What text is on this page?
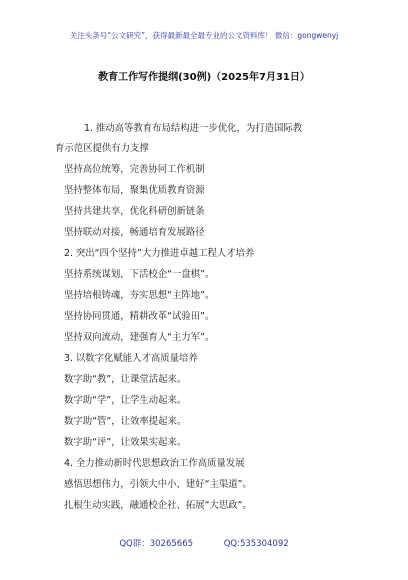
关注头条号“公文研究”，获得最新最全最专业的公文资料库！ 微信：gongwenyj
教育工作写作提纲(30例)（2025年7月31日）
1. 推动高等教育布局结构进一步优化，为打造国际教
育示范区提供有力支撑
坚持高位统筹，完善协同工作机制
坚持整体布局，聚集优质教育资源
坚持共建共享，优化科研创新链条
坚持联动对接，畅通培育发展路径
2. 突出“四个坚持”大力推进卓越工程人才培养
坚持系统谋划，下活校企“一盘棋”。
坚持培根铸魂，夯实思想“主阵地”。
坚持协同贯通，精耕改革“试验田”。
坚持双向流动，建强育人“主力军”。
3. 以数字化赋能人才高质量培养
数字助“教”，让课堂活起来。
数字助“学”，让学生动起来。
数字助“管”，让效率提起来。
数字助“评”，让效果实起来。
4. 全力推动新时代思想政治工作高质量发展
感悟思想伟力，引领大中小、建好“主渠道”。
扎根生动实践，融通校企社、拓展“大思政”。
QQ群：30265665	QQ:535304092
